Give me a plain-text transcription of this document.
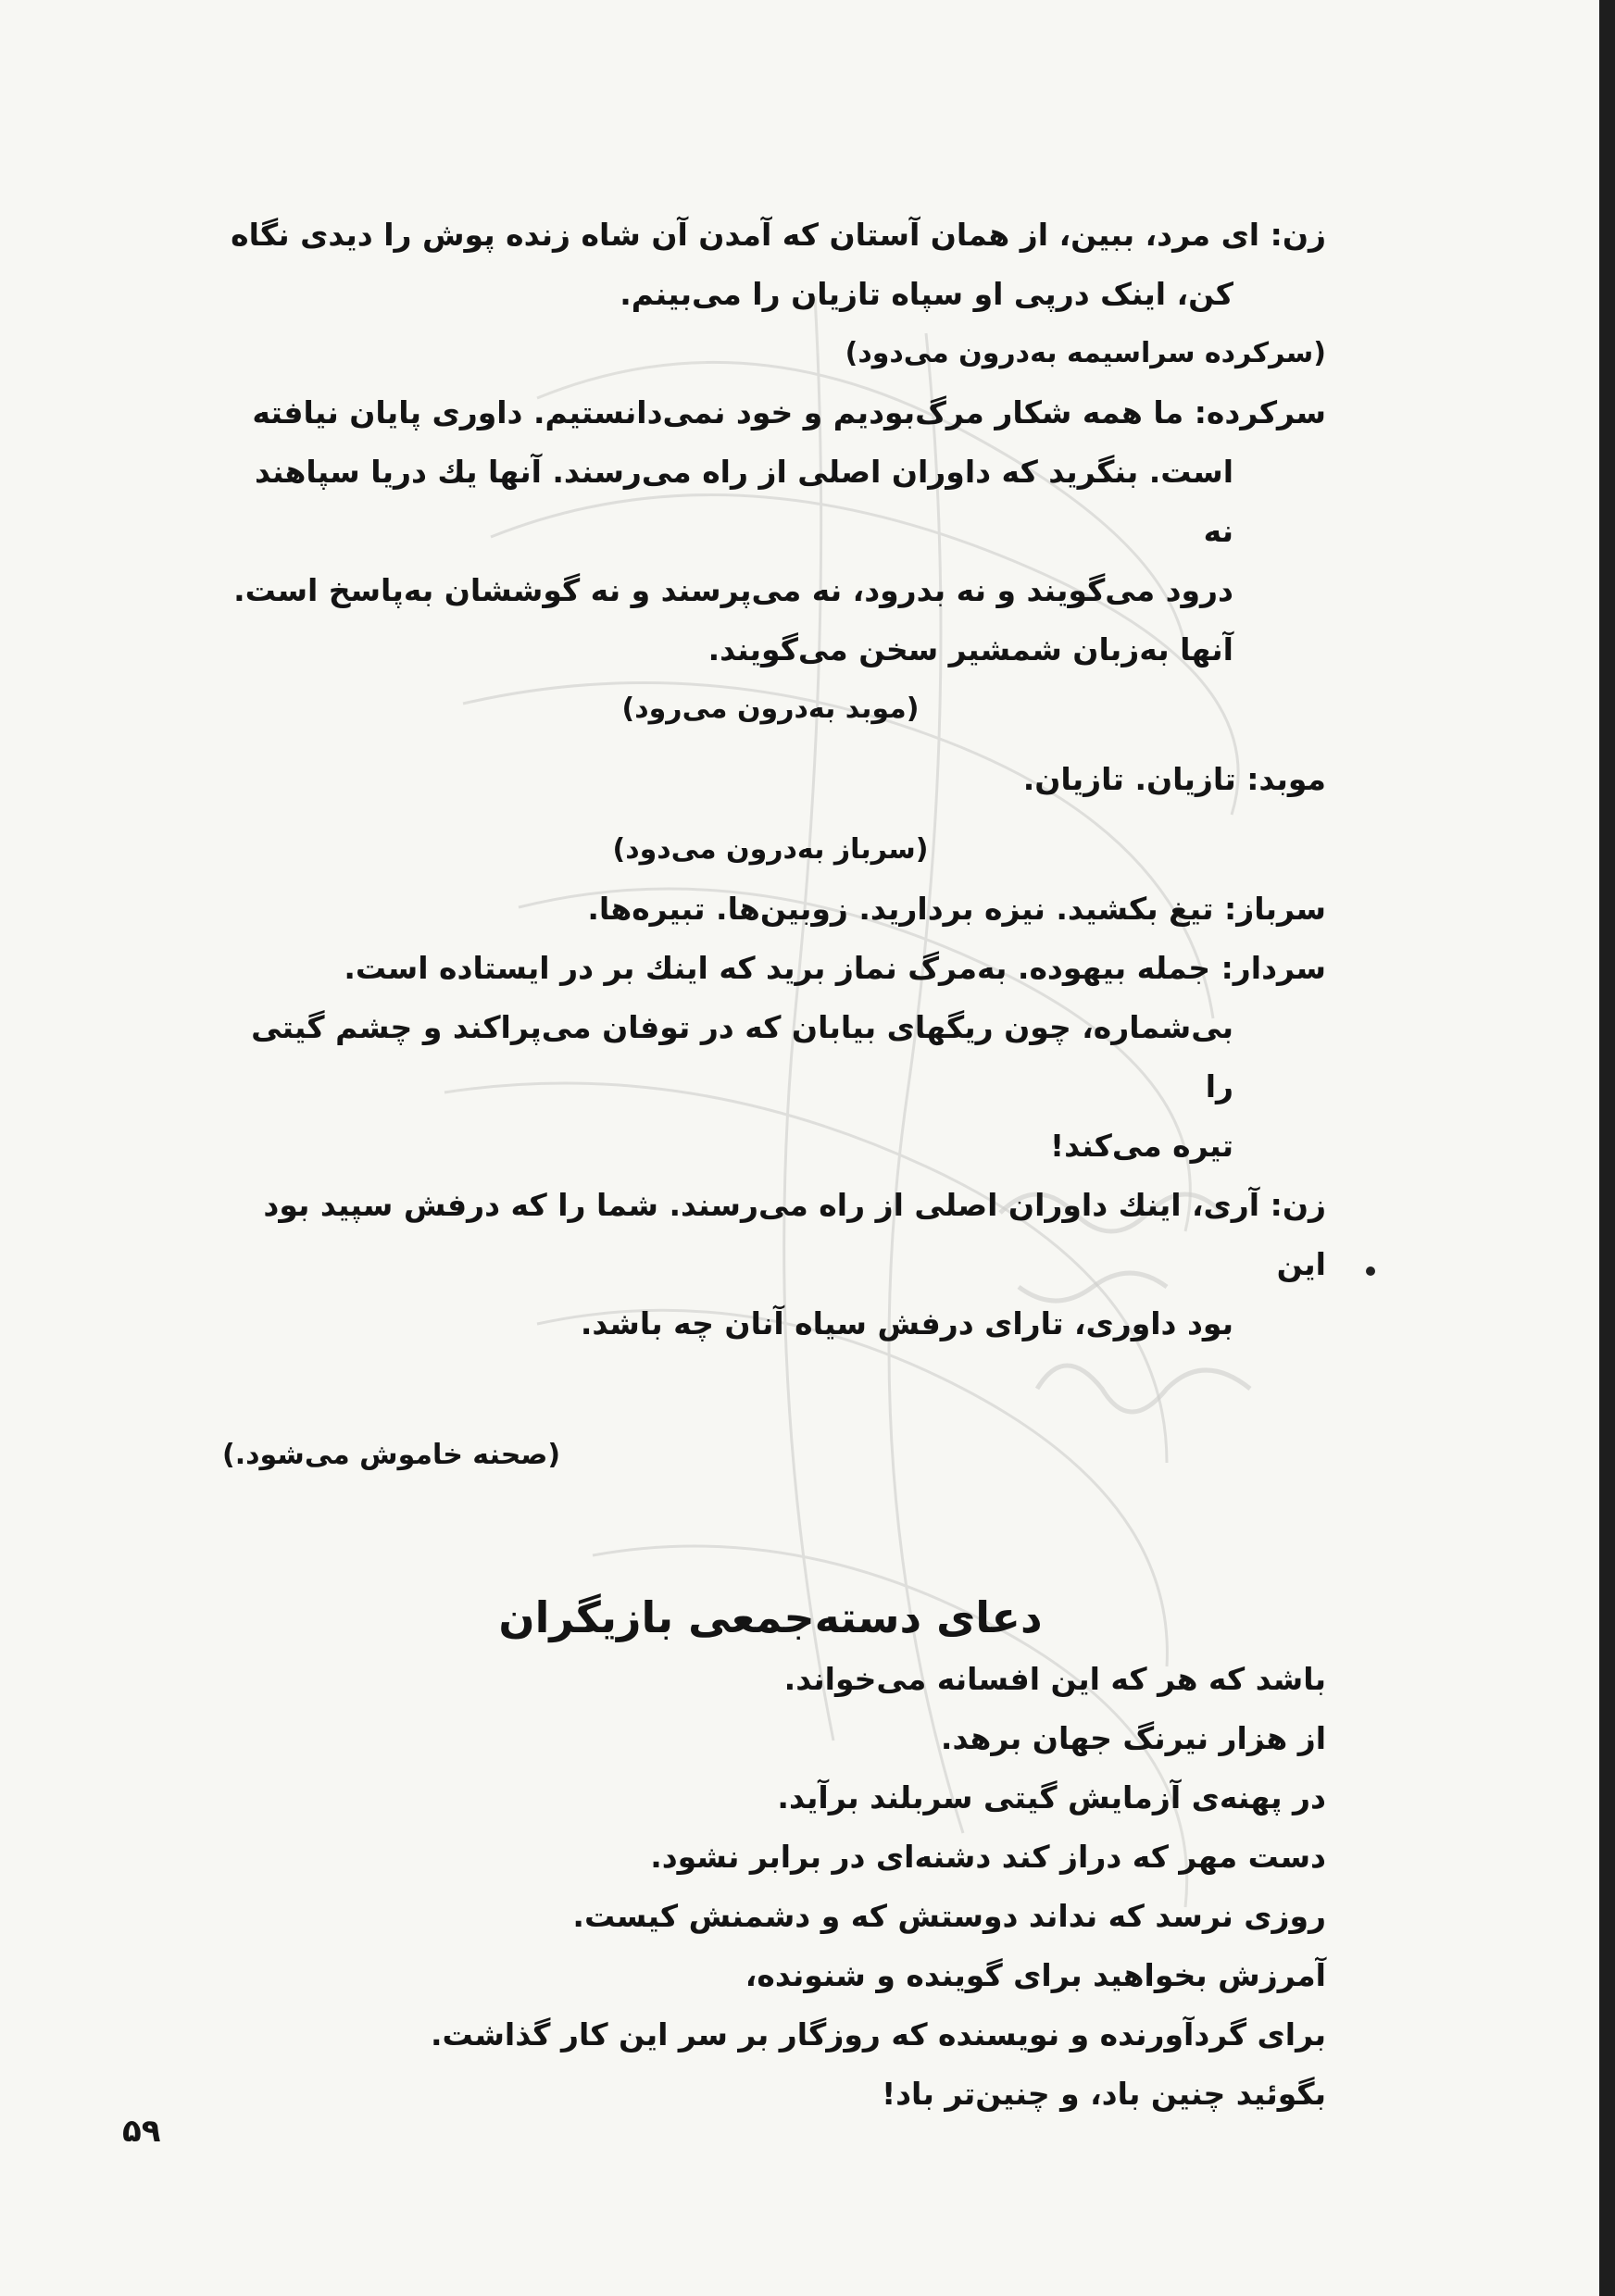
زن: ای مرد، ببین، از همان آستان که آمدن آن شاه زنده پوش را دیدی نگاه

کن، اینک درپی او سپاه تازیان را می‌بینم.

(سرکرده سراسیمه به‌درون می‌دود)

سرکرده: ما همه شکار مرگ‌بودیم و خود نمی‌دانستیم. داوری پایان نیافته

است. بنگرید که داوران اصلی از راه می‌رسند. آنها یك دریا سپاهند نه

درود می‌گویند و نه بدرود، نه می‌پرسند و نه گوششان به‌پاسخ است.

آنها به‌زبان شمشیر سخن می‌گویند.

(موبد به‌درون می‌رود)

موبد: تازیان. تازیان.

(سرباز به‌درون می‌دود)

سرباز: تیغ بکشید. نیزه بردارید. زوبین‌ها. تبیره‌ها.

سردار: جمله بیهوده. به‌مرگ نماز برید که اینك بر در ایستاده است.

بی‌شماره، چون ریگهای بیابان که در توفان می‌پراکند و چشم گیتی را

تیره می‌کند!

زن: آری، اینك داوران اصلی از راه می‌رسند. شما را که درفش سپید بود این

بود داوری، تارای درفش سیاه آنان چه باشد.

(صحنه خاموش می‌شود.)

دعای دسته‌جمعی بازیگران

باشد که هر که این افسانه می‌خواند.

از هزار نیرنگ جهان برهد.

در پهنه‌ی آزمایش گیتی سربلند برآید.

دست مهر که دراز کند دشنه‌ای در برابر نشود.

روزی نرسد که نداند دوستش که و دشمنش کیست.

آمرزش بخواهید برای گوینده و شنونده،

برای گردآورنده و نویسنده که روزگار بر سر این کار گذاشت.

بگوئید چنین باد، و چنین‌تر باد!

۵۹
